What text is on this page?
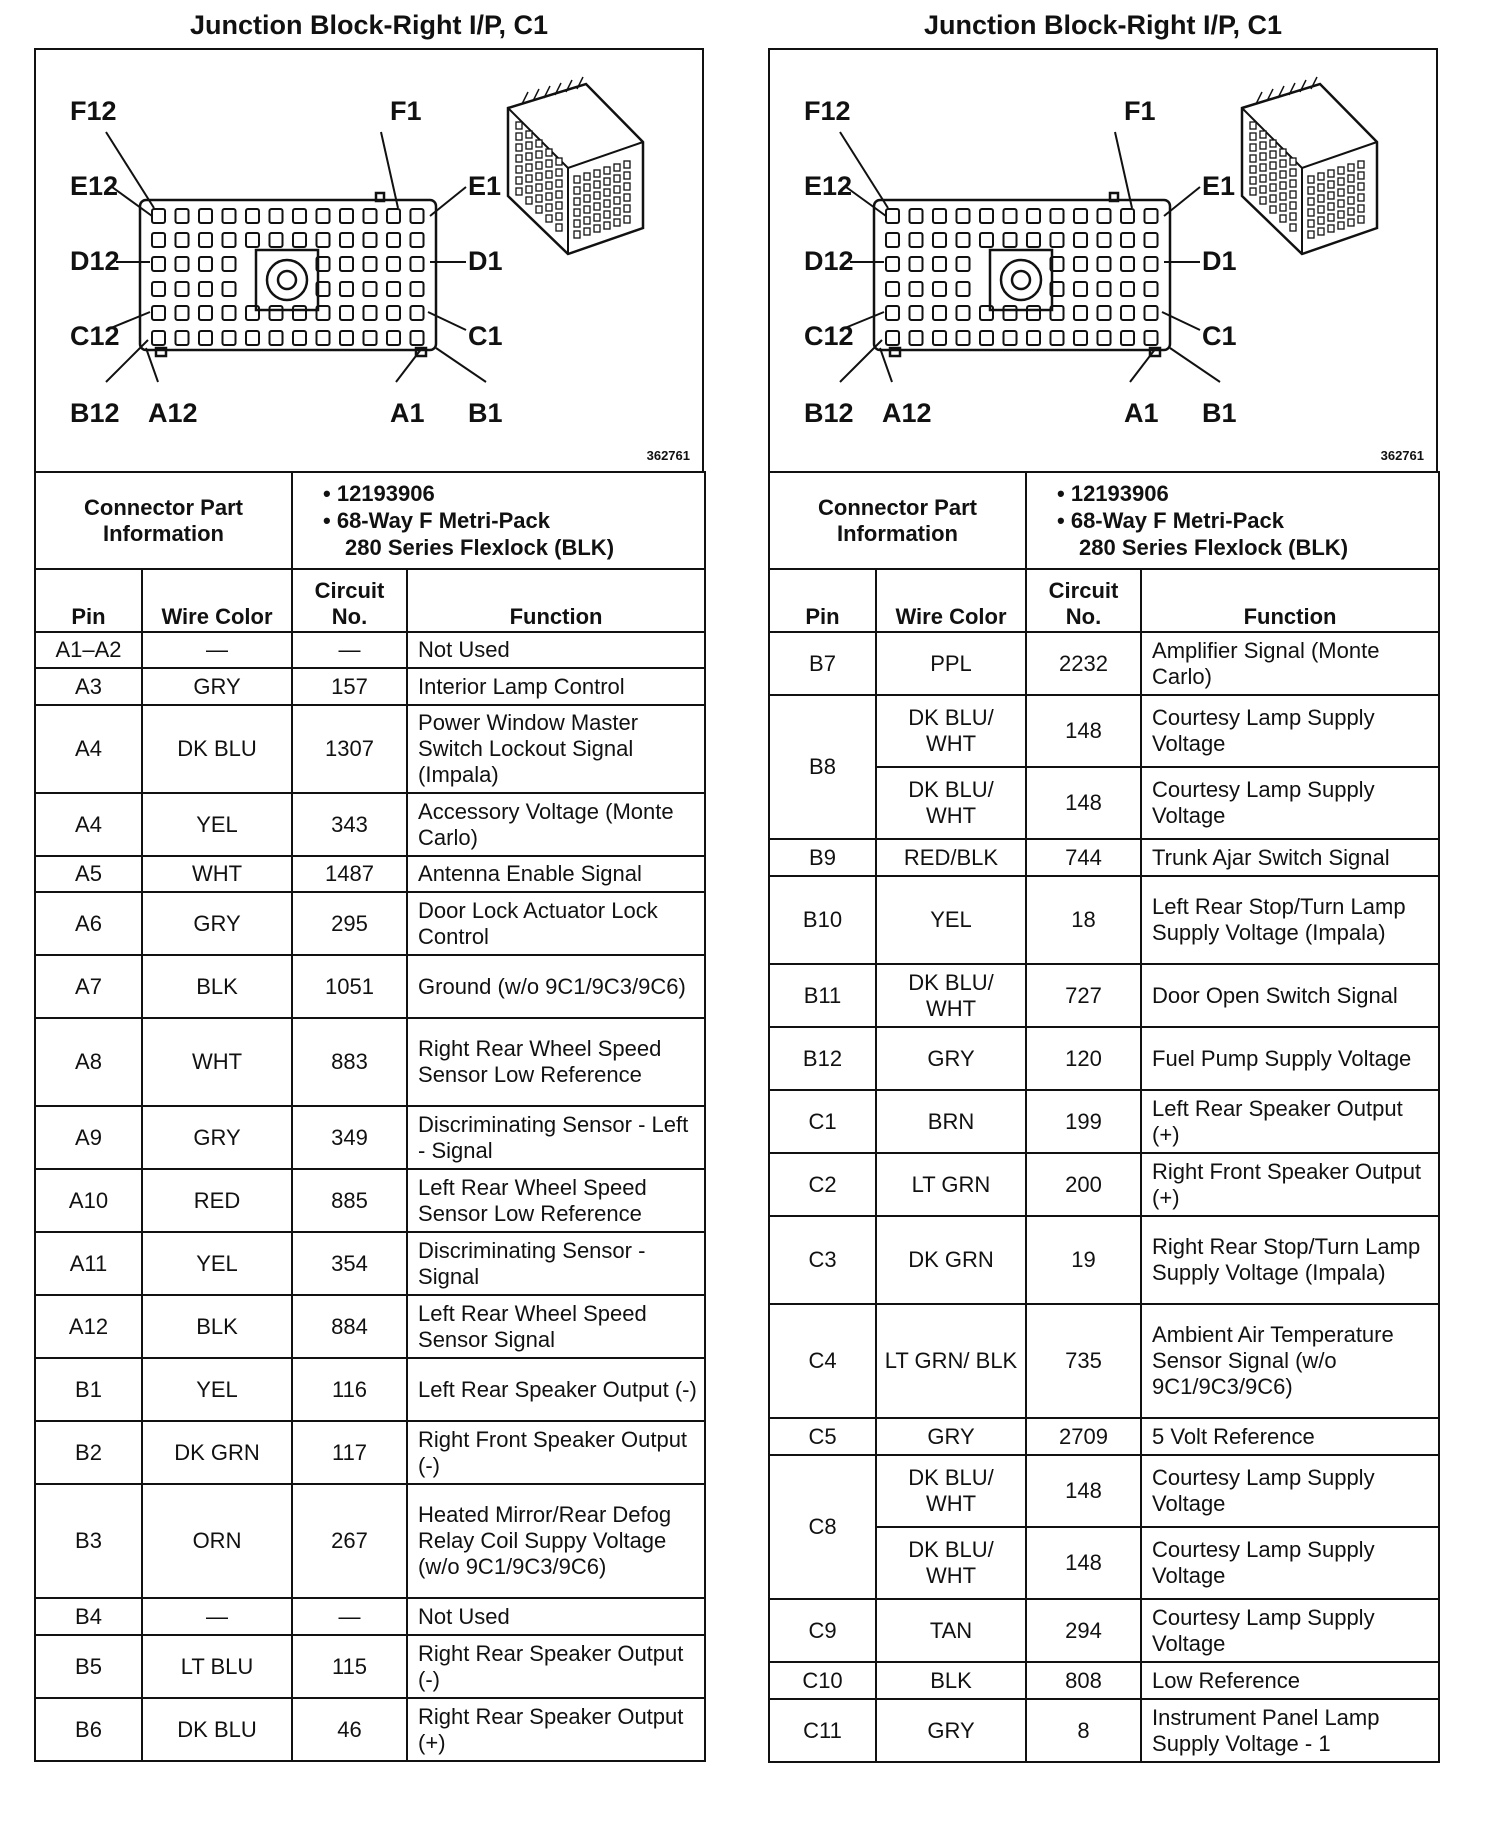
Junction Block-Right I/P, C1
F12	F1
E12	E1
D12	D1
C12	C1
B12 A12	A1 B1
362761
Connector Part Information		• 12193906
• 68-Way F Metri-Pack
280 Series Flexlock (BLK)	

Pin	Wire Color	Circuit No.	Function
A1–A2	—	—	Not Used
A3	GRY	157	Interior Lamp Control
A4	DK BLU	1307	Power Window Master Switch Lockout Signal (Impala)
A4	YEL	343	Accessory Voltage (Monte Carlo)
A5	WHT	1487	Antenna Enable Signal
A6	GRY	295	Door Lock Actuator Lock Control
A7	BLK	1051	Ground (w/o 9C1/9C3/9C6)
A8	WHT	883	Right Rear Wheel Speed Sensor Low Reference
A9	GRY	349	Discriminating Sensor - Left - Signal
A10	RED	885	Left Rear Wheel Speed Sensor Low Reference
A11	YEL	354	Discriminating Sensor - Signal
A12	BLK	884	Left Rear Wheel Speed Sensor Signal
B1	YEL	116	Left Rear Speaker Output (-)
B2	DK GRN	117	Right Front Speaker Output (-)
B3	ORN	267	Heated Mirror/Rear Defog Relay Coil Suppy Voltage (w/o 9C1/9C3/9C6)
B4	—	—	Not Used
B5	LT BLU	115	Right Rear Speaker Output (-)
B6	DK BLU	46	Right Rear Speaker Output (+)
Junction Block-Right I/P, C1
F12	F1
E12	E1
D12	D1
C12	C1
B12 A12	A1 B1
362761
Connector Part Information		• 12193906
• 68-Way F Metri-Pack
280 Series Flexlock (BLK)	

Pin	Wire Color	Circuit No.	Function
B7	PPL	2232	Amplifier Signal (Monte Carlo)
B8	DK BLU/ WHT	148	Courtesy Lamp Supply Voltage
	DK BLU/ WHT	148	Courtesy Lamp Supply Voltage
B9	RED/BLK	744	Trunk Ajar Switch Signal
B10	YEL	18	Left Rear Stop/Turn Lamp Supply Voltage (Impala)
B11	DK BLU/ WHT	727	Door Open Switch Signal
B12	GRY	120	Fuel Pump Supply Voltage
C1	BRN	199	Left Rear Speaker Output (+)
C2	LT GRN	200	Right Front Speaker Output (+)
C3	DK GRN	19	Right Rear Stop/Turn Lamp Supply Voltage (Impala)
C4	LT GRN/ BLK	735	Ambient Air Temperature Sensor Signal (w/o 9C1/9C3/9C6)
C5	GRY	2709	5 Volt Reference
C8	DK BLU/ WHT	148	Courtesy Lamp Supply Voltage
	DK BLU/ WHT	148	Courtesy Lamp Supply Voltage
C9	TAN	294	Courtesy Lamp Supply Voltage
C10	BLK	808	Low Reference
C11	GRY	8	Instrument Panel Lamp Supply Voltage - 1
